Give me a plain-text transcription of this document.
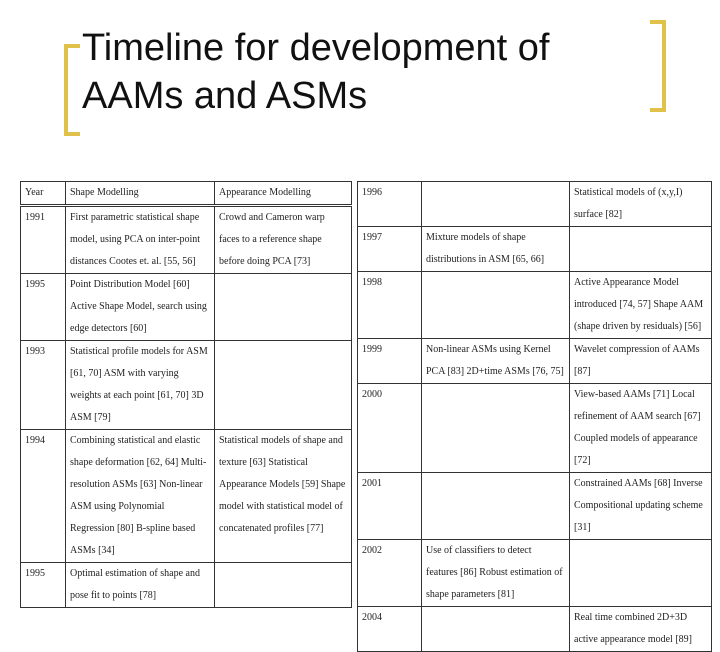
Timeline for development of
AAMs and ASMs
Year	Shape Modelling	Appearance Modelling
1991	First parametric statistical shape model, using PCA on inter-point distances Cootes et. al. [55, 56]	Crowd and Cameron warp faces to a reference shape before doing PCA [73]
1995	Point Distribution Model [60] Active Shape Model, search using edge detectors [60]	
1993	Statistical profile models for ASM [61, 70] ASM with varying weights at each point [61, 70] 3D ASM [79]	
1994	Combining statistical and elastic shape deformation [62, 64] Multi-resolution ASMs [63] Non-linear ASM using Polynomial Regression [80] B-spline based ASMs [34]	Statistical models of shape and texture [63] Statistical Appearance Models [59] Shape model with statistical model of concatenated profiles [77]
1995	Optimal estimation of shape and pose fit to points [78]	
1996		Statistical models of (x,y,I) surface [82]
1997	Mixture models of shape distributions in ASM [65, 66]	
1998		Active Appearance Model introduced [74, 57] Shape AAM (shape driven by residuals) [56]
1999	Non-linear ASMs using Kernel PCA [83] 2D+time ASMs [76, 75]	Wavelet compression of AAMs [87]
2000		View-based AAMs [71] Local refinement of AAM search [67] Coupled models of appearance [72]
2001		Constrained AAMs [68] Inverse Compositional updating scheme [31]
2002	Use of classifiers to detect features [86] Robust estimation of shape parameters [81]	
2004		Real time combined 2D+3D active appearance model [89]
